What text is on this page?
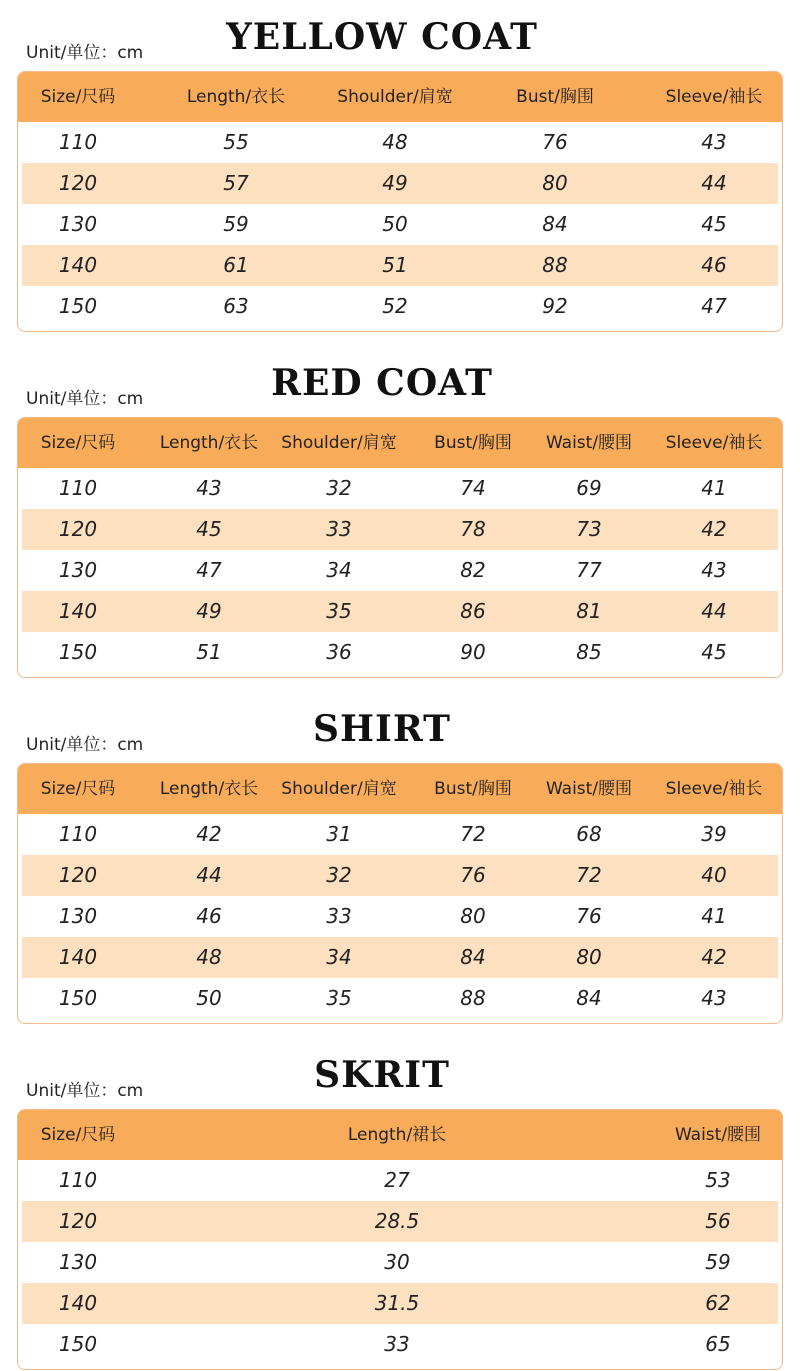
Unit/单位：cm	YELLOW COAT
Size/尺码	Length/衣长	Shoulder/肩宽	Bust/胸围	Sleeve/袖长
110	55	48	76	43
120	57	49	80	44
130	59	50	84	45
140	61	51	88	46
150	63	52	92	47
Unit/单位：cm	RED COAT
Size/尺码	Length/衣长 Shoulder/肩宽 Bust/胸围 Waist/腰围 Sleeve/袖长
110	43	32	74	69	41
120	45	33	78	73	42
130	47	34	82	77	43
140	49	35	86	81	44
150	51	36	90	85	45
Unit/单位：cm	SHIRT
Size/尺码	Length/衣长 Shoulder/肩宽 Bust/胸围 Waist/腰围 Sleeve/袖长
110	42	31	72	68	39
120	44	32	76	72	40
130	46	33	80	76	41
140	48	34	84	80	42
150	50	35	88	84	43
Unit/单位：cm	SKRIT
Size/尺码	Length/裙长	Waist/腰围
110	27	53
120	28.5	56
130	30	59
140	31.5	62
150	33	65
